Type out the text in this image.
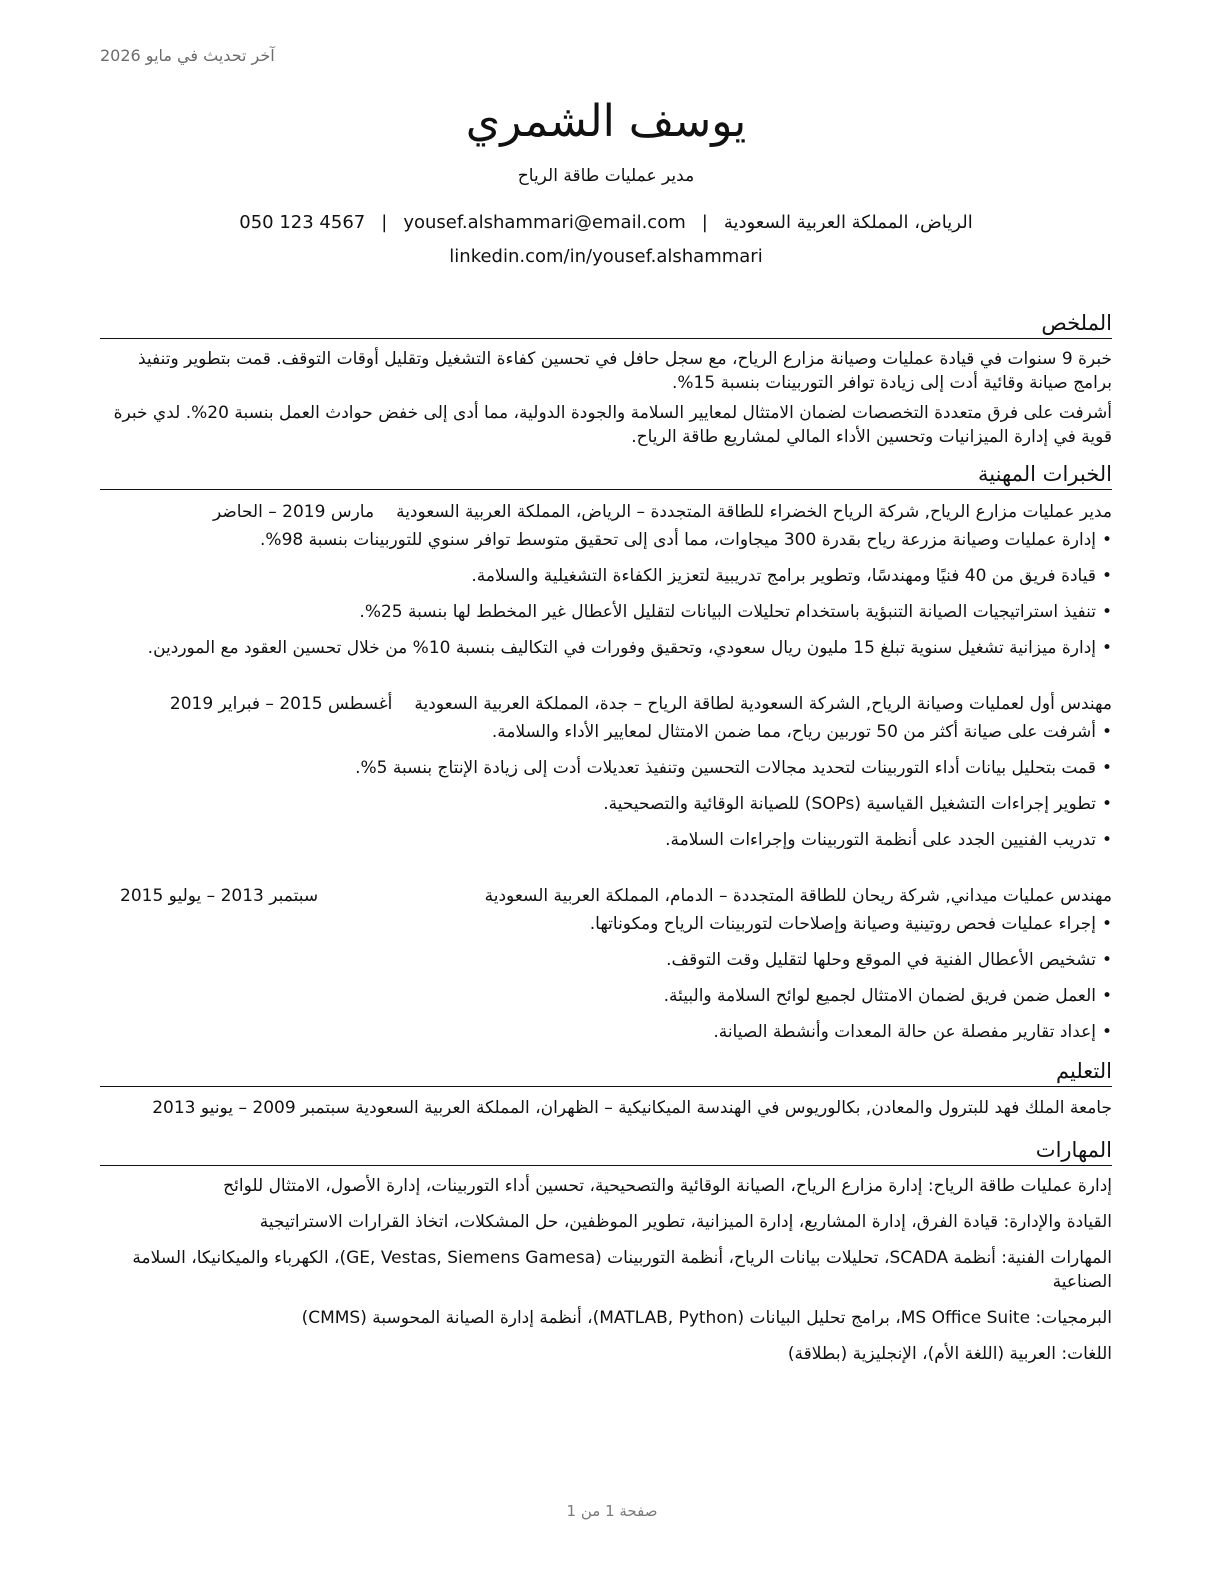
آخر تحديث في مايو 2026
يوسف الشمري
مدير عمليات طاقة الرياح
050 123 4567 | yousef.alshammari@email.com | الرياض، المملكة العربية السعودية
linkedin.com/in/yousef.alshammari
الملخص

خبرة 9 سنوات في قيادة عمليات وصيانة مزارع الرياح، مع سجل حافل في تحسين كفاءة التشغيل وتقليل أوقات التوقف. قمت بتطوير وتنفيذ برامج صيانة وقائية أدت إلى زيادة توافر التوربينات بنسبة 15%.

أشرفت على فرق متعددة التخصصات لضمان الامتثال لمعايير السلامة والجودة الدولية، مما أدى إلى خفض حوادث العمل بنسبة 20%. لدي خبرة قوية في إدارة الميزانيات وتحسين الأداء المالي لمشاريع طاقة الرياح.

الخبرات المهنية
مدير عمليات مزارع الرياح, شركة الرياح الخضراء للطاقة المتجددة – الرياض، المملكة العربية السعودية
مارس 2019 – الحاضر
• إدارة عمليات وصيانة مزرعة رياح بقدرة 300 ميجاوات، مما أدى إلى تحقيق متوسط توافر سنوي للتوربينات بنسبة 98%.
• قيادة فريق من 40 فنيًا ومهندسًا، وتطوير برامج تدريبية لتعزيز الكفاءة التشغيلية والسلامة.
• تنفيذ استراتيجيات الصيانة التنبؤية باستخدام تحليلات البيانات لتقليل الأعطال غير المخطط لها بنسبة 25%.
• إدارة ميزانية تشغيل سنوية تبلغ 15 مليون ريال سعودي، وتحقيق وفورات في التكاليف بنسبة 10% من خلال تحسين العقود مع الموردين.
مهندس أول لعمليات وصيانة الرياح, الشركة السعودية لطاقة الرياح – جدة، المملكة العربية السعودية
أغسطس 2015 – فبراير 2019
• أشرفت على صيانة أكثر من 50 توربين رياح، مما ضمن الامتثال لمعايير الأداء والسلامة.
• قمت بتحليل بيانات أداء التوربينات لتحديد مجالات التحسين وتنفيذ تعديلات أدت إلى زيادة الإنتاج بنسبة 5%.
• تطوير إجراءات التشغيل القياسية (SOPs) للصيانة الوقائية والتصحيحية.
• تدريب الفنيين الجدد على أنظمة التوربينات وإجراءات السلامة.
مهندس عمليات ميداني, شركة ريحان للطاقة المتجددة – الدمام، المملكة العربية السعودية
سبتمبر 2013 – يوليو 2015
• إجراء عمليات فحص روتينية وصيانة وإصلاحات لتوربينات الرياح ومكوناتها.
• تشخيص الأعطال الفنية في الموقع وحلها لتقليل وقت التوقف.
• العمل ضمن فريق لضمان الامتثال لجميع لوائح السلامة والبيئة.
• إعداد تقارير مفصلة عن حالة المعدات وأنشطة الصيانة.
التعليم
جامعة الملك فهد للبترول والمعادن, بكالوريوس في الهندسة الميكانيكية – الظهران، المملكة العربية السعودية سبتمبر 2009 – يونيو 2013
المهارات
إدارة عمليات طاقة الرياح: إدارة مزارع الرياح، الصيانة الوقائية والتصحيحية، تحسين أداء التوربينات، إدارة الأصول، الامتثال للوائح
القيادة والإدارة: قيادة الفرق، إدارة المشاريع، إدارة الميزانية، تطوير الموظفين، حل المشكلات، اتخاذ القرارات الاستراتيجية
المهارات الفنية: أنظمة SCADA، تحليلات بيانات الرياح، أنظمة التوربينات (GE, Vestas, Siemens Gamesa)، الكهرباء والميكانيكا، السلامة الصناعية
البرمجيات: MS Office Suite، برامج تحليل البيانات (MATLAB, Python)، أنظمة إدارة الصيانة المحوسبة (CMMS)
اللغات: العربية (اللغة الأم)، الإنجليزية (بطلاقة)
صفحة 1 من 1
